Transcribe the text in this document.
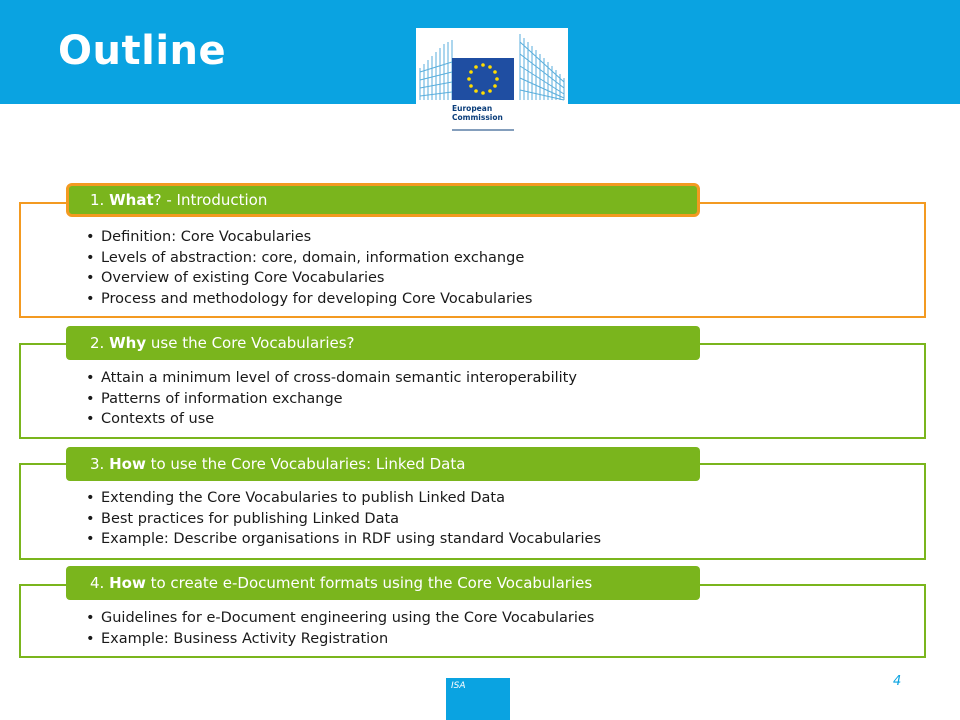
Outline

European
Commission

1. What? - Introduction
• Definition: Core Vocabularies
• Levels of abstraction: core, domain, information exchange
• Overview of existing Core Vocabularies
• Process and methodology for developing Core Vocabularies
2. Why use the Core Vocabularies?
• Attain a minimum level of cross-domain semantic interoperability
• Patterns of information exchange
• Contexts of use
3. How to use the Core Vocabularies: Linked Data
• Extending the Core Vocabularies to publish Linked Data
• Best practices for publishing Linked Data
• Example: Describe organisations in RDF using standard Vocabularies
4. How to create e-Document formats using the Core Vocabularies
• Guidelines for e-Document engineering using the Core Vocabularies
• Example: Business Activity Registration

ISA	4
